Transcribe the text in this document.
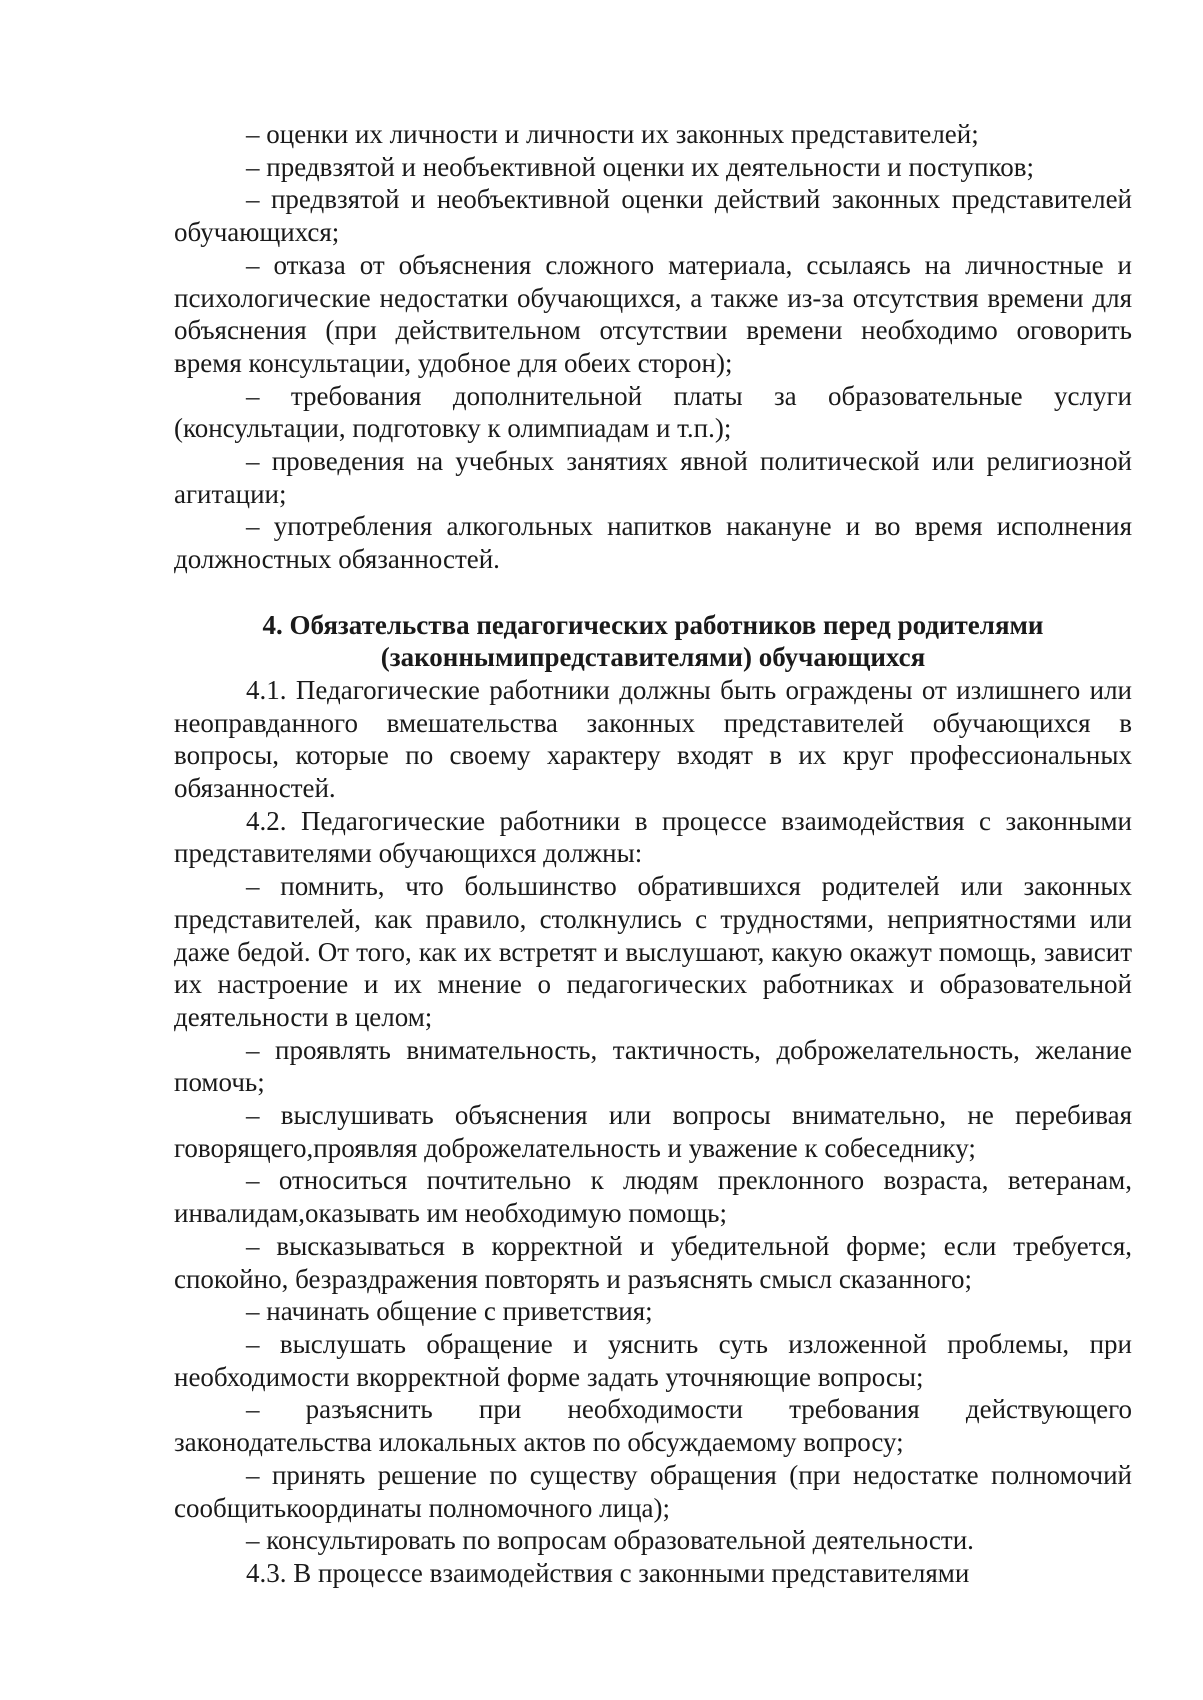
– оценки их личности и личности их законных представителей;

– предвзятой и необъективной оценки их деятельности и поступков;

– предвзятой и необъективной оценки действий законных представителей обучающихся;

– отказа от объяснения сложного материала, ссылаясь на личностные и психологические недостатки обучающихся, а также из-за отсутствия времени для объяснения (при действительном отсутствии времени необходимо оговорить время консультации, удобное для обеих сторон);

– требования дополнительной платы за образовательные услуги (консультации, подготовку к олимпиадам и т.п.);

– проведения на учебных занятиях явной политической или религиозной агитации;

– употребления алкогольных напитков накануне и во время исполнения должностных обязанностей.

4. Обязательства педагогических работников перед родителями

(законнымипредставителями) обучающихся

4.1. Педагогические работники должны быть ограждены от излишнего или неоправданного вмешательства законных представителей обучающихся в вопросы, которые по своему характеру входят в их круг профессиональных обязанностей.

4.2. Педагогические работники в процессе взаимодействия с законными представителями обучающихся должны:

– помнить, что большинство обратившихся родителей или законных представителей, как правило, столкнулись с трудностями, неприятностями или даже бедой. От того, как их встретят и выслушают, какую окажут помощь, зависит их настроение и их мнение о педагогических работниках и образовательной деятельности в целом;

– проявлять внимательность, тактичность, доброжелательность, желание помочь;

– выслушивать объяснения или вопросы внимательно, не перебивая говорящего,проявляя доброжелательность и уважение к собеседнику;

– относиться почтительно к людям преклонного возраста, ветеранам, инвалидам,оказывать им необходимую помощь;

– высказываться в корректной и убедительной форме; если требуется, спокойно, безраздражения повторять и разъяснять смысл сказанного;

– начинать общение с приветствия;

– выслушать обращение и уяснить суть изложенной проблемы, при необходимости вкорректной форме задать уточняющие вопросы;

– разъяснить при необходимости требования действующего законодательства илокальных актов по обсуждаемому вопросу;

– принять решение по существу обращения (при недостатке полномочий сообщитькоординаты полномочного лица);

– консультировать по вопросам образовательной деятельности.

4.3. В процессе взаимодействия с законными представителями
